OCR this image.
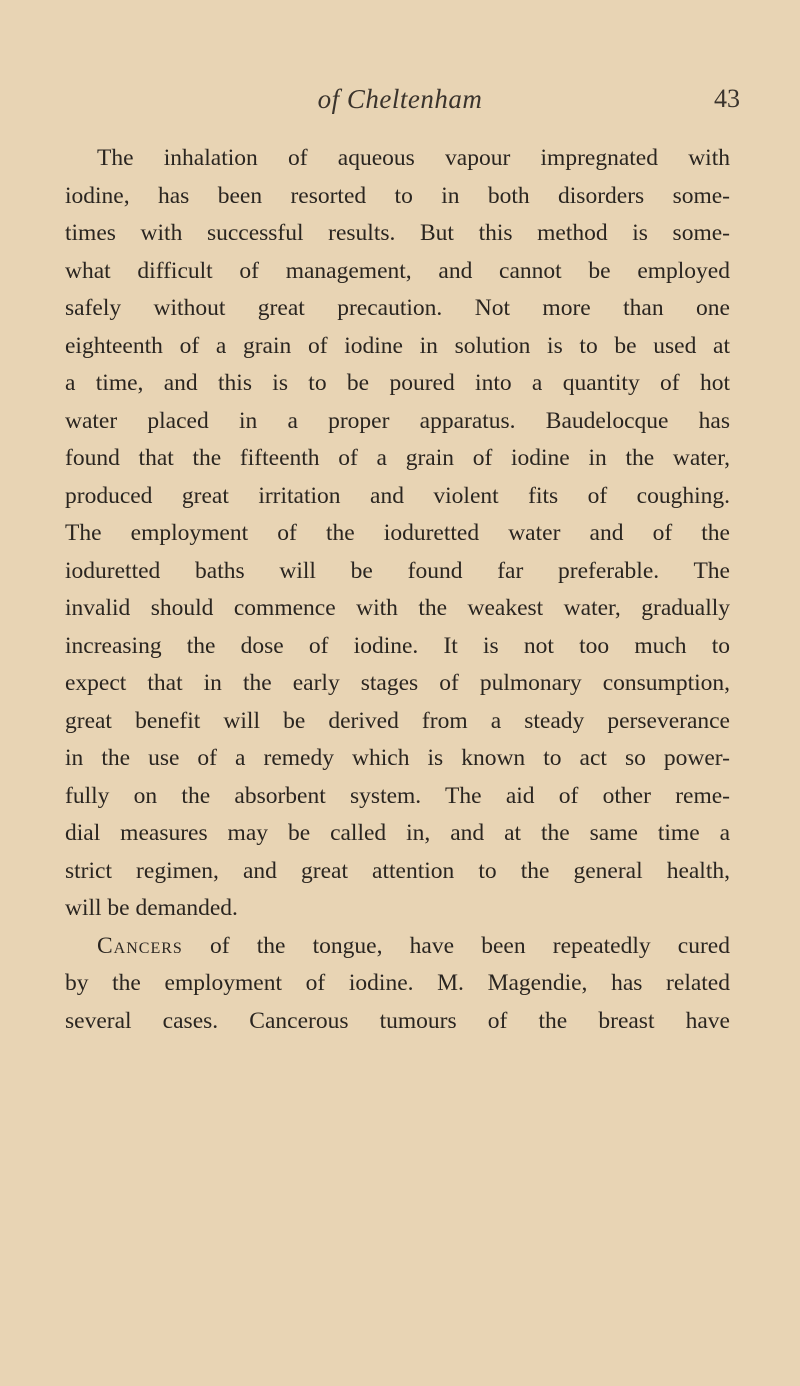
of Cheltenham	43
The inhalation of aqueous vapour impregnated with
iodine, has been resorted to in both disorders some-
times with successful results. But this method is some-
what difficult of management, and cannot be employed
safely without great precaution. Not more than one
eighteenth of a grain of iodine in solution is to be used at
a time, and this is to be poured into a quantity of hot
water placed in a proper apparatus. Baudelocque has
found that the fifteenth of a grain of iodine in the water,
produced great irritation and violent fits of coughing.
The employment of the ioduretted water and of the
ioduretted baths will be found far preferable. The
invalid should commence with the weakest water, gradually
increasing the dose of iodine. It is not too much to
expect that in the early stages of pulmonary consumption,
great benefit will be derived from a steady perseverance
in the use of a remedy which is known to act so power-
fully on the absorbent system. The aid of other reme-
dial measures may be called in, and at the same time a
strict regimen, and great attention to the general health,
will be demanded.
Cancers of the tongue, have been repeatedly cured
by the employment of iodine. M. Magendie, has related
several cases. Cancerous tumours of the breast have
